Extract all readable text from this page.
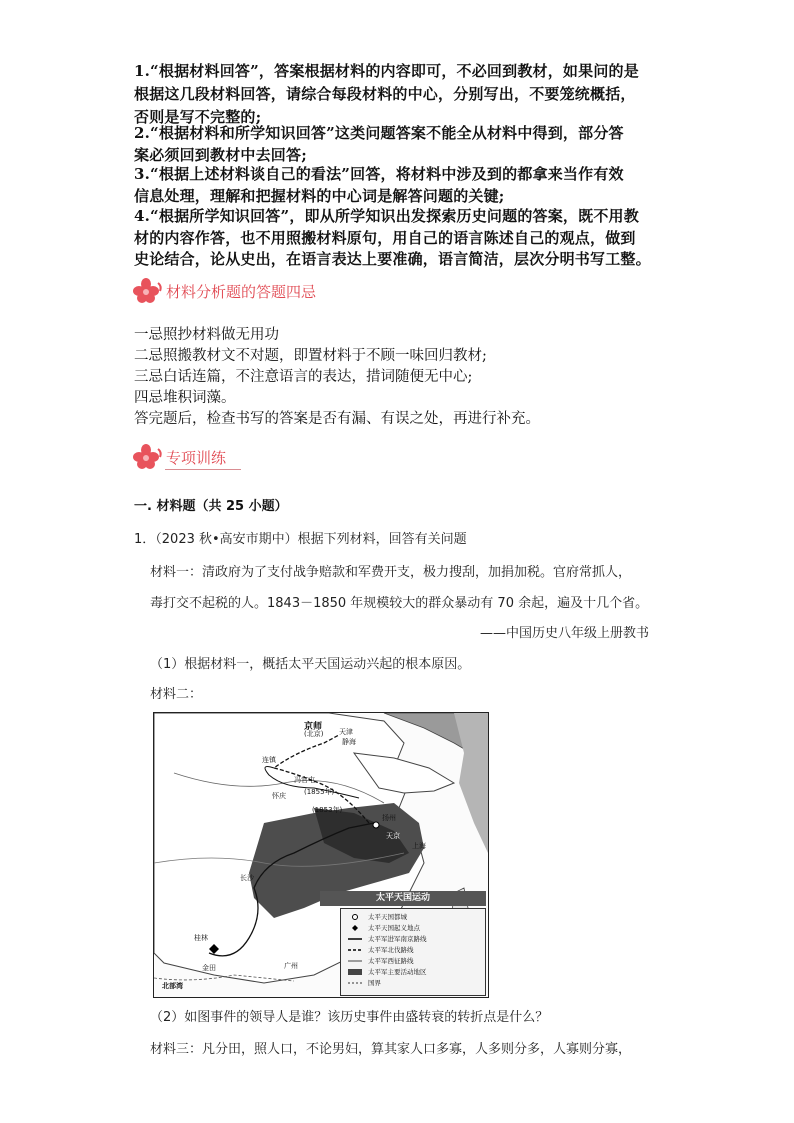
1.“根据材料回答”，答案根据材料的内容即可，不必回到教材，如果问的是
根据这几段材料回答，请综合每段材料的中心，分别写出，不要笼统概括，
否则是写不完整的;
2.“根据材料和所学知识回答”这类问题答案不能全从材料中得到，部分答
案必须回到教材中去回答;
3.“根据上述材料谈自己的看法”回答，将材料中涉及到的都拿来当作有效
信息处理，理解和把握材料的中心词是解答问题的关键;
4.“根据所学知识回答”，即从所学知识出发探索历史问题的答案，既不用教
材的内容作答，也不用照搬材料原句，用自己的语言陈述自己的观点，做到
史论结合，论从史出，在语言表达上要准确，语言简洁，层次分明书写工整。
材料分析题的答题四忌
一忌照抄材料做无用功
二忌照搬教材文不对题，即置材料于不顾一味回归教材;
三忌白话连篇，不注意语言的表达，措词随便无中心;
四忌堆积词藻。
答完题后，检查书写的答案是否有漏、有误之处，再进行补充。
专项训练
一. 材料题（共 25 小题）
1．（2023 秋•高安市期中）根据下列材料，回答有关问题
材料一：清政府为了支付战争赔款和军费开支，极力搜刮，加捐加税。官府常抓人，
毒打交不起税的人。1843－1850 年规模较大的群众暴动有 70 余起，遍及十几个省。
——中国历史八年级上册教书
（1）根据材料一，概括太平天国运动兴起的根本原因。
材料二：
京师
(北京) 天津
静海
连镇
冯官屯
(1855年)
怀庆
(1853年)
扬州
天京
上海
长沙
桂林
金田	广州
北部湾
太平天国运动
太平天国都城
太平天国起义地点
太平军进军南京路线
太平军北伐路线
太平军西征路线
太平军主要活动地区
国界
（2）如图事件的领导人是谁？该历史事件由盛转衰的转折点是什么？
材料三：凡分田，照人口，不论男妇，算其家人口多寡，人多则分多，人寡则分寡，
